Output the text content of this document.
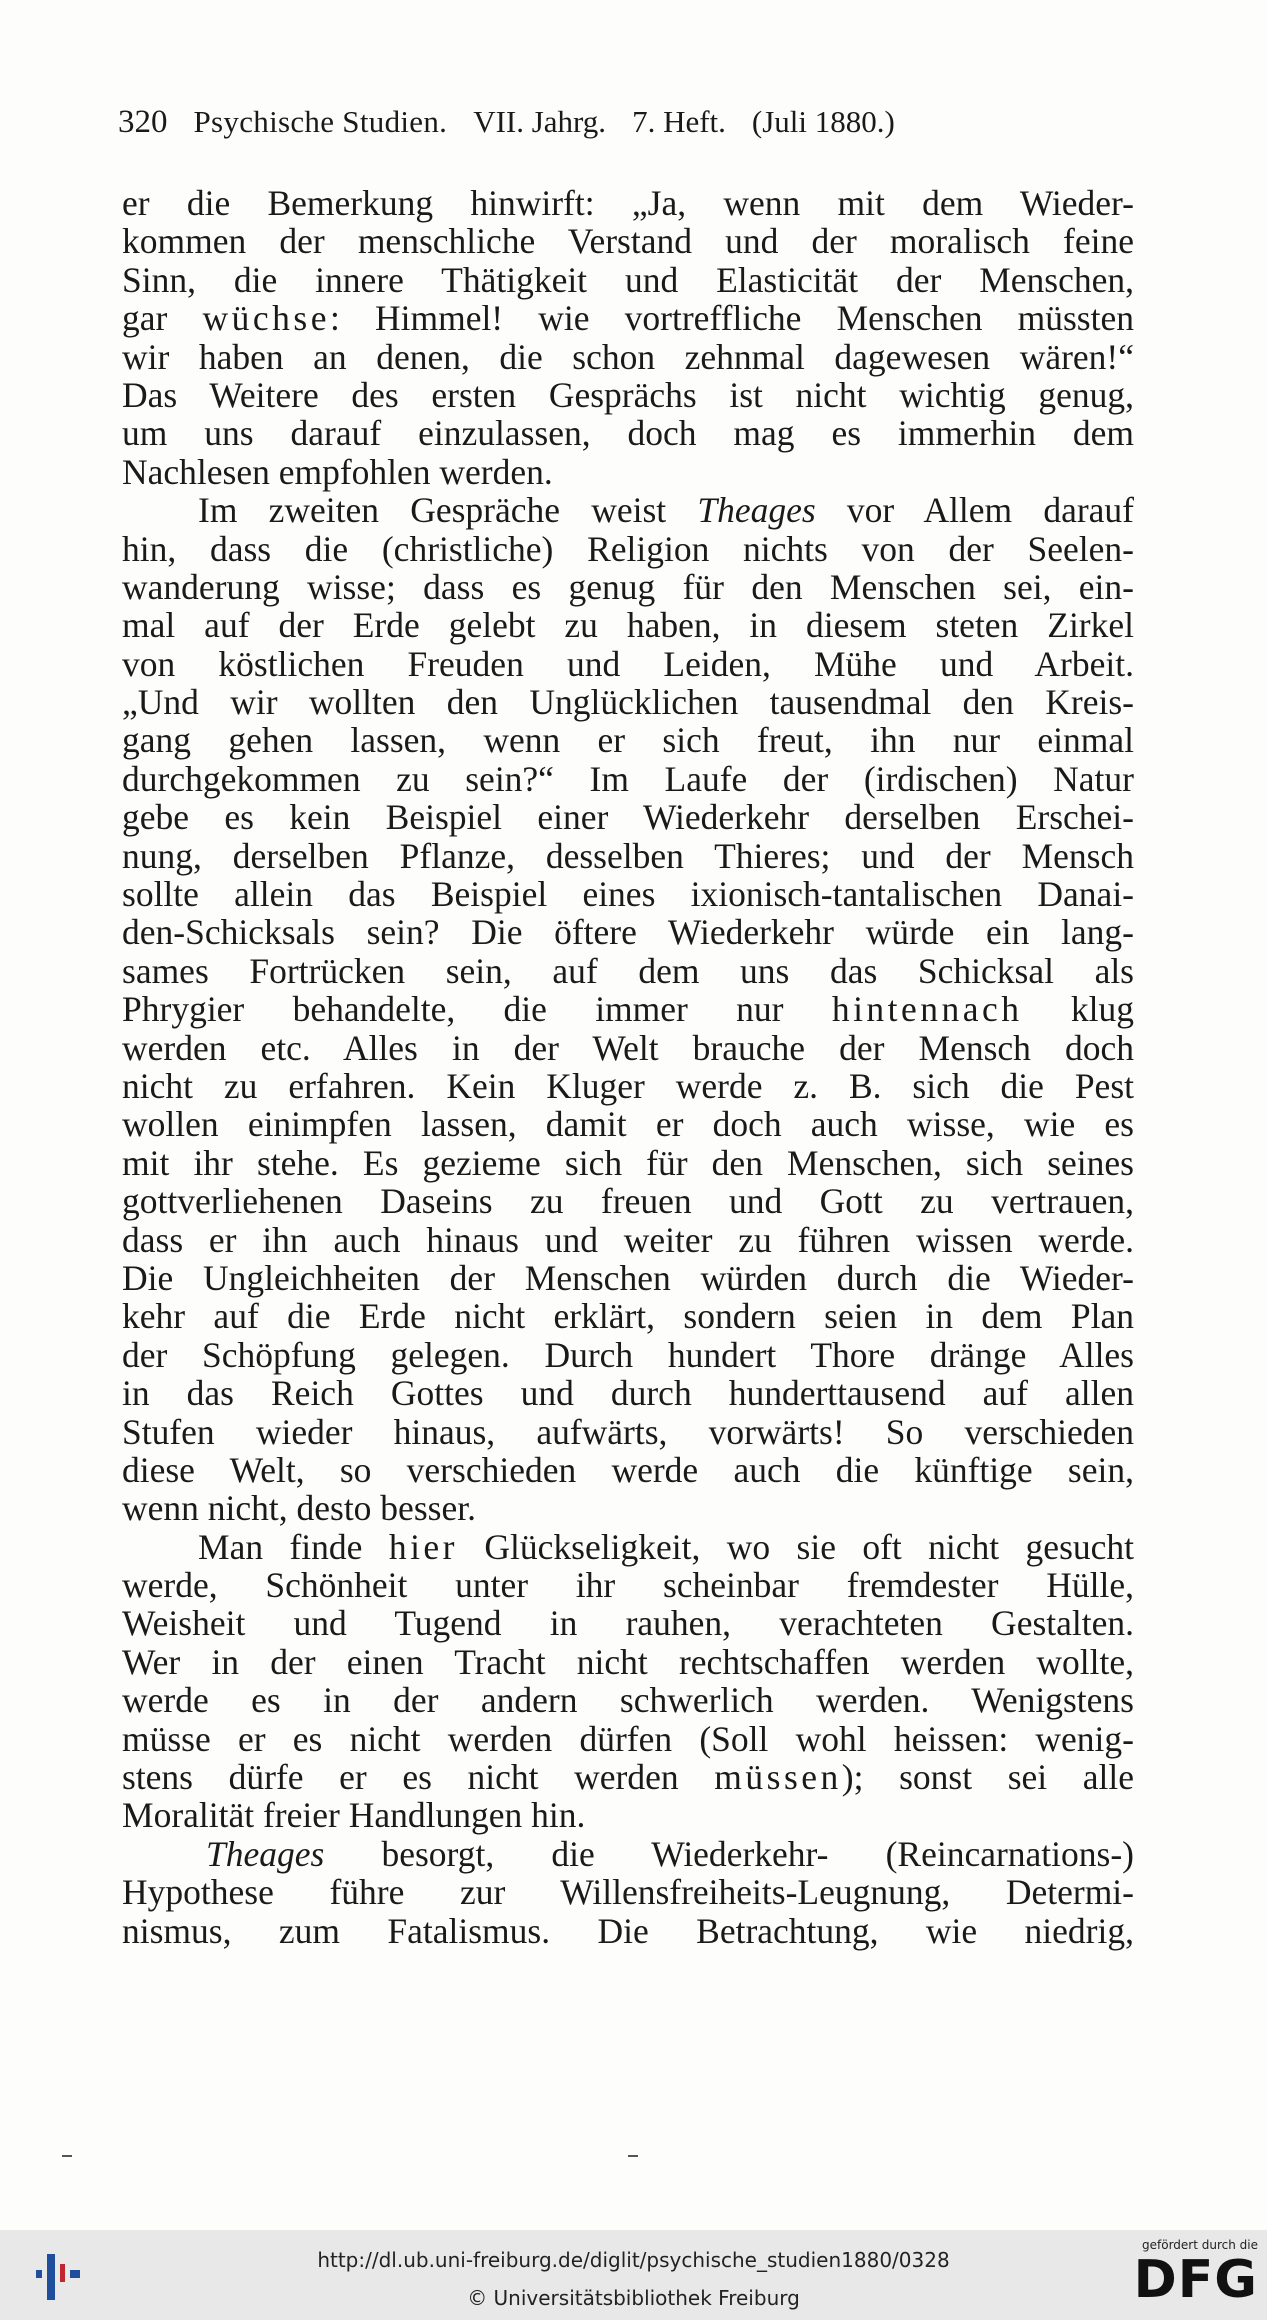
320 Psychische Studien. VII. Jahrg. 7. Heft. (Juli 1880.)
er die Bemerkung hinwirft: „Ja, wenn mit dem Wieder-
kommen der menschliche Verstand und der moralisch feine
Sinn, die innere Thätigkeit und Elasticität der Menschen,
gar wüchse: Himmel! wie vortreffliche Menschen müssten
wir haben an denen, die schon zehnmal dagewesen wären!“
Das Weitere des ersten Gesprächs ist nicht wichtig genug,
um uns darauf einzulassen, doch mag es immerhin dem
Nachlesen empfohlen werden.
Im zweiten Gespräche weist Theages vor Allem darauf
hin, dass die (christliche) Religion nichts von der Seelen-
wanderung wisse; dass es genug für den Menschen sei, ein-
mal auf der Erde gelebt zu haben, in diesem steten Zirkel
von köstlichen Freuden und Leiden, Mühe und Arbeit.
„Und wir wollten den Unglücklichen tausendmal den Kreis-
gang gehen lassen, wenn er sich freut, ihn nur einmal
durchgekommen zu sein?“ Im Laufe der (irdischen) Natur
gebe es kein Beispiel einer Wiederkehr derselben Erschei-
nung, derselben Pflanze, desselben Thieres; und der Mensch
sollte allein das Beispiel eines ixionisch-tantalischen Danai-
den-Schicksals sein? Die öftere Wiederkehr würde ein lang-
sames Fortrücken sein, auf dem uns das Schicksal als
Phrygier behandelte, die immer nur hintennach klug
werden etc. Alles in der Welt brauche der Mensch doch
nicht zu erfahren. Kein Kluger werde z. B. sich die Pest
wollen einimpfen lassen, damit er doch auch wisse, wie es
mit ihr stehe. Es gezieme sich für den Menschen, sich seines
gottverliehenen Daseins zu freuen und Gott zu vertrauen,
dass er ihn auch hinaus und weiter zu führen wissen werde.
Die Ungleichheiten der Menschen würden durch die Wieder-
kehr auf die Erde nicht erklärt, sondern seien in dem Plan
der Schöpfung gelegen. Durch hundert Thore dränge Alles
in das Reich Gottes und durch hunderttausend auf allen
Stufen wieder hinaus, aufwärts, vorwärts! So verschieden
diese Welt, so verschieden werde auch die künftige sein,
wenn nicht, desto besser.
Man finde hier Glückseligkeit, wo sie oft nicht gesucht
werde, Schönheit unter ihr scheinbar fremdester Hülle,
Weisheit und Tugend in rauhen, verachteten Gestalten.
Wer in der einen Tracht nicht rechtschaffen werden wollte,
werde es in der andern schwerlich werden. Wenigstens
müsse er es nicht werden dürfen (Soll wohl heissen: wenig-
stens dürfe er es nicht werden müssen); sonst sei alle
Moralität freier Handlungen hin.
Theages besorgt, die Wiederkehr- (Reincarnations-)
Hypothese führe zur Willensfreiheits-Leugnung, Determi-
nismus, zum Fatalismus. Die Betrachtung, wie niedrig,
http://dl.ub.uni-freiburg.de/diglit/psychische_studien1880/0328
© Universitätsbibliothek Freiburg
gefördert durch die
DFG
